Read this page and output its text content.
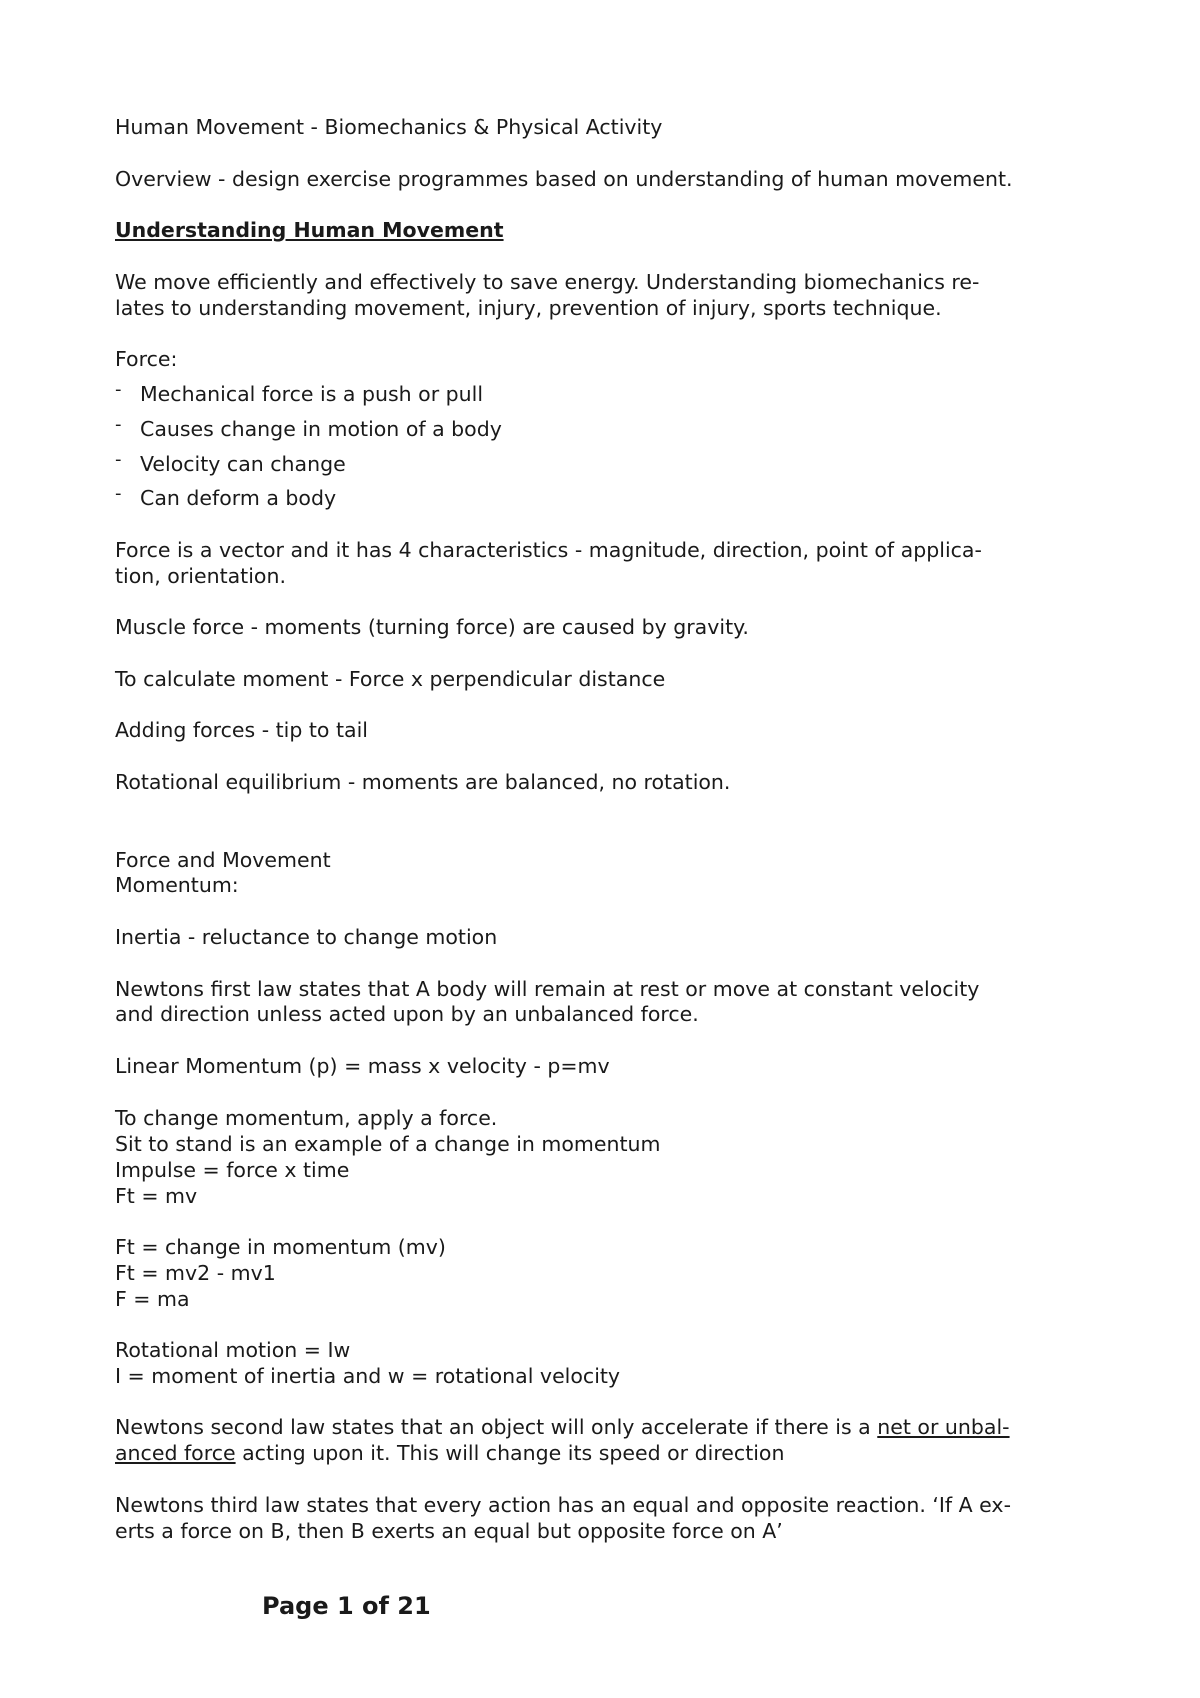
Human Movement - Biomechanics & Physical Activity
Overview - design exercise programmes based on understanding of human movement.
Understanding Human Movement
We move efficiently and effectively to save energy. Understanding biomechanics re-
lates to understanding movement, injury, prevention of injury, sports technique.
Force:
- Mechanical force is a push or pull
- Causes change in motion of a body
- Velocity can change
- Can deform a body
Force is a vector and it has 4 characteristics - magnitude, direction, point of applica-
tion, orientation.
Muscle force - moments (turning force) are caused by gravity.
To calculate moment - Force x perpendicular distance
Adding forces - tip to tail
Rotational equilibrium - moments are balanced, no rotation.
Force and Movement
Momentum:
Inertia - reluctance to change motion
Newtons first law states that A body will remain at rest or move at constant velocity
and direction unless acted upon by an unbalanced force.
Linear Momentum (p) = mass x velocity - p=mv
To change momentum, apply a force.
Sit to stand is an example of a change in momentum
Impulse = force x time
Ft = mv
Ft = change in momentum (mv)
Ft = mv2 - mv1
F = ma
Rotational motion = Iw
I = moment of inertia and w = rotational velocity
Newtons second law states that an object will only accelerate if there is a net or unbal-
anced force acting upon it. This will change its speed or direction
Newtons third law states that every action has an equal and opposite reaction. ‘If A ex-
erts a force on B, then B exerts an equal but opposite force on A’
Page 1 of 21
